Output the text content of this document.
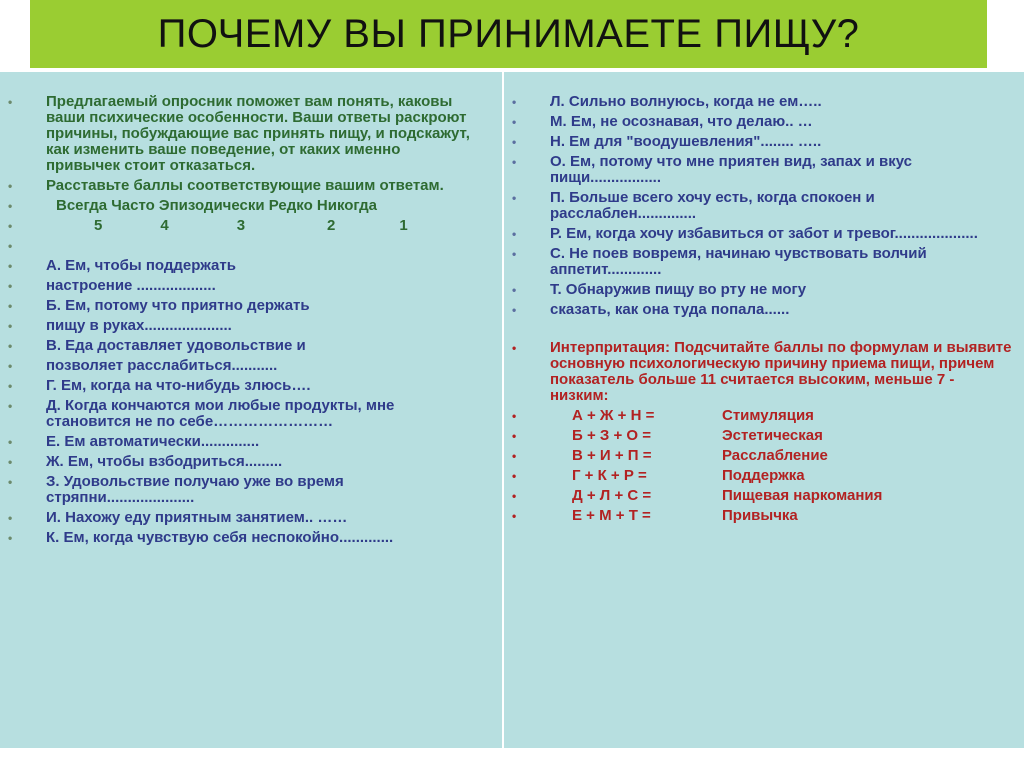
ПОЧЕМУ ВЫ ПРИНИМАЕТЕ ПИЩУ?
•	Предлагаемый опросник поможет вам понять, каковы ваши психические особенности. Ваши ответы раскроют причины, побуждающие вас принять пищу, и подскажут, как изменить ваше поведение, от каких именно привычек стоит отказаться.
•	Расставьте баллы соответствующие вашим ответам.
•	Всегда Часто Эпизодически Редко Никогда
•	5	4	3	2	1
•
•	А. Ем, чтобы поддержать
•	настроение ...................
•	Б. Ем, потому что приятно держать
•	пищу в руках.....................
•	В. Еда доставляет удовольствие и
•	позволяет расслабиться...........
•	Г. Ем, когда на что-нибудь злюсь….
•	Д. Когда кончаются мои любые продукты, мне становится не по себе……………………
•	Е. Ем автоматически..............
•	Ж. Ем, чтобы взбодриться.........
•	З. Удовольствие получаю уже во время стряпни.....................
•	И. Нахожу еду приятным занятием.. ……
•	К. Ем, когда чувствую себя неспокойно.............
•	Л. Сильно волнуюсь, когда не ем…..
•	М. Ем, не осознавая, что делаю.. …
•	Н. Ем для "воодушевления"........ …..
•	О. Ем, потому что мне приятен вид, запах и вкус пищи.................
•	П. Больше всего хочу есть, когда спокоен и расслаблен..............
•	Р. Ем, когда хочу избавиться от забот и тревог....................
•	С. Не поев вовремя, начинаю чувствовать волчий аппетит.............
•	Т. Обнаружив пищу во рту не могу
•	сказать, как она туда попала......
•	Интерпритация: Подсчитайте баллы по формулам и выявите основную психологическую причину приема пищи, причем показатель больше 11 считается высоким, меньше 7 - низким:
•	А + Ж + Н =	Стимуляция
•	Б + З + О =	Эстетическая
•	В + И + П =	Расслабление
•	Г + К + Р =	Поддержка
•	Д + Л + С =	Пищевая наркомания
•	Е + М + Т =	Привычка
